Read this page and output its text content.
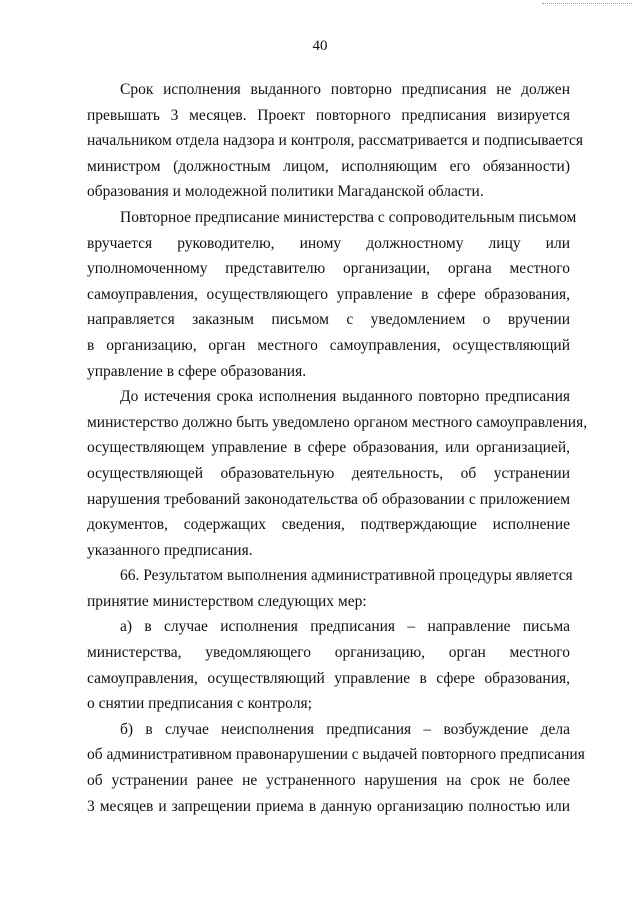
40
Срок исполнения выданного повторно предписания не должен
превышать 3 месяцев. Проект повторного предписания визируется
начальником отдела надзора и контроля, рассматривается и подписывается
министром (должностным лицом, исполняющим его обязанности)
образования и молодежной политики Магаданской области.
Повторное предписание министерства с сопроводительным письмом
вручается руководителю, иному должностному лицу или
уполномоченному представителю организации, органа местного
самоуправления, осуществляющего управление в сфере образования,
направляется заказным письмом с уведомлением о вручении
в организацию, орган местного самоуправления, осуществляющий
управление в сфере образования.
До истечения срока исполнения выданного повторно предписания
министерство должно быть уведомлено органом местного самоуправления,
осуществляющем управление в сфере образования, или организацией,
осуществляющей образовательную деятельность, об устранении
нарушения требований законодательства об образовании с приложением
документов, содержащих сведения, подтверждающие исполнение
указанного предписания.
66. Результатом выполнения административной процедуры является
принятие министерством следующих мер:
а) в случае исполнения предписания – направление письма
министерства, уведомляющего организацию, орган местного
самоуправления, осуществляющий управление в сфере образования,
о снятии предписания с контроля;
б) в случае неисполнения предписания – возбуждение дела
об административном правонарушении с выдачей повторного предписания
об устранении ранее не устраненного нарушения на срок не более
3 месяцев и запрещении приема в данную организацию полностью или
